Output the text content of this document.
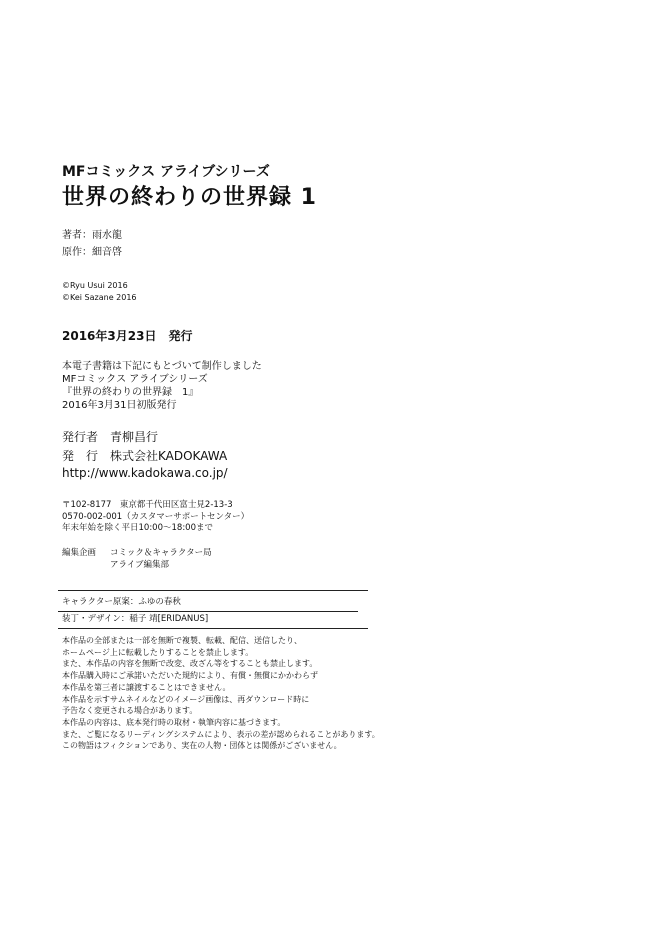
MFコミックス アライブシリーズ

世界の終わりの世界録 1

著者：雨水龍

原作：細音啓

©Ryu Usui 2016

©Kei Sazane 2016

2016年3月23日　発行

本電子書籍は下記にもとづいて制作しました
MFコミックス アライブシリーズ
『世界の終わりの世界録　1』
2016年3月31日初版発行

発行者　青柳昌行

発　行　株式会社KADOKAWA

http://www.kadokawa.co.jp/

〒102-8177　東京都千代田区富士見2-13-3
0570-002-001（カスタマーサポートセンター）
年末年始を除く平日10:00～18:00まで
編集企画 コミック＆キャラクター局
アライブ編集部

キャラクター原案：ふゆの春秋

装丁・デザイン：稲子 靖[ERIDANUS]

本作品の全部または一部を無断で複製、転載、配信、送信したり、
ホームページ上に転載したりすることを禁止します。
また、本作品の内容を無断で改変、改ざん等をすることも禁止します。
本作品購入時にご承諾いただいた規約により、有償・無償にかかわらず
本作品を第三者に譲渡することはできません。
本作品を示すサムネイルなどのイメージ画像は、再ダウンロード時に
予告なく変更される場合があります。
本作品の内容は、底本発行時の取材・執筆内容に基づきます。
また、ご覧になるリーディングシステムにより、表示の差が認められることがあります。
この物語はフィクションであり、実在の人物・団体とは関係がございません。
